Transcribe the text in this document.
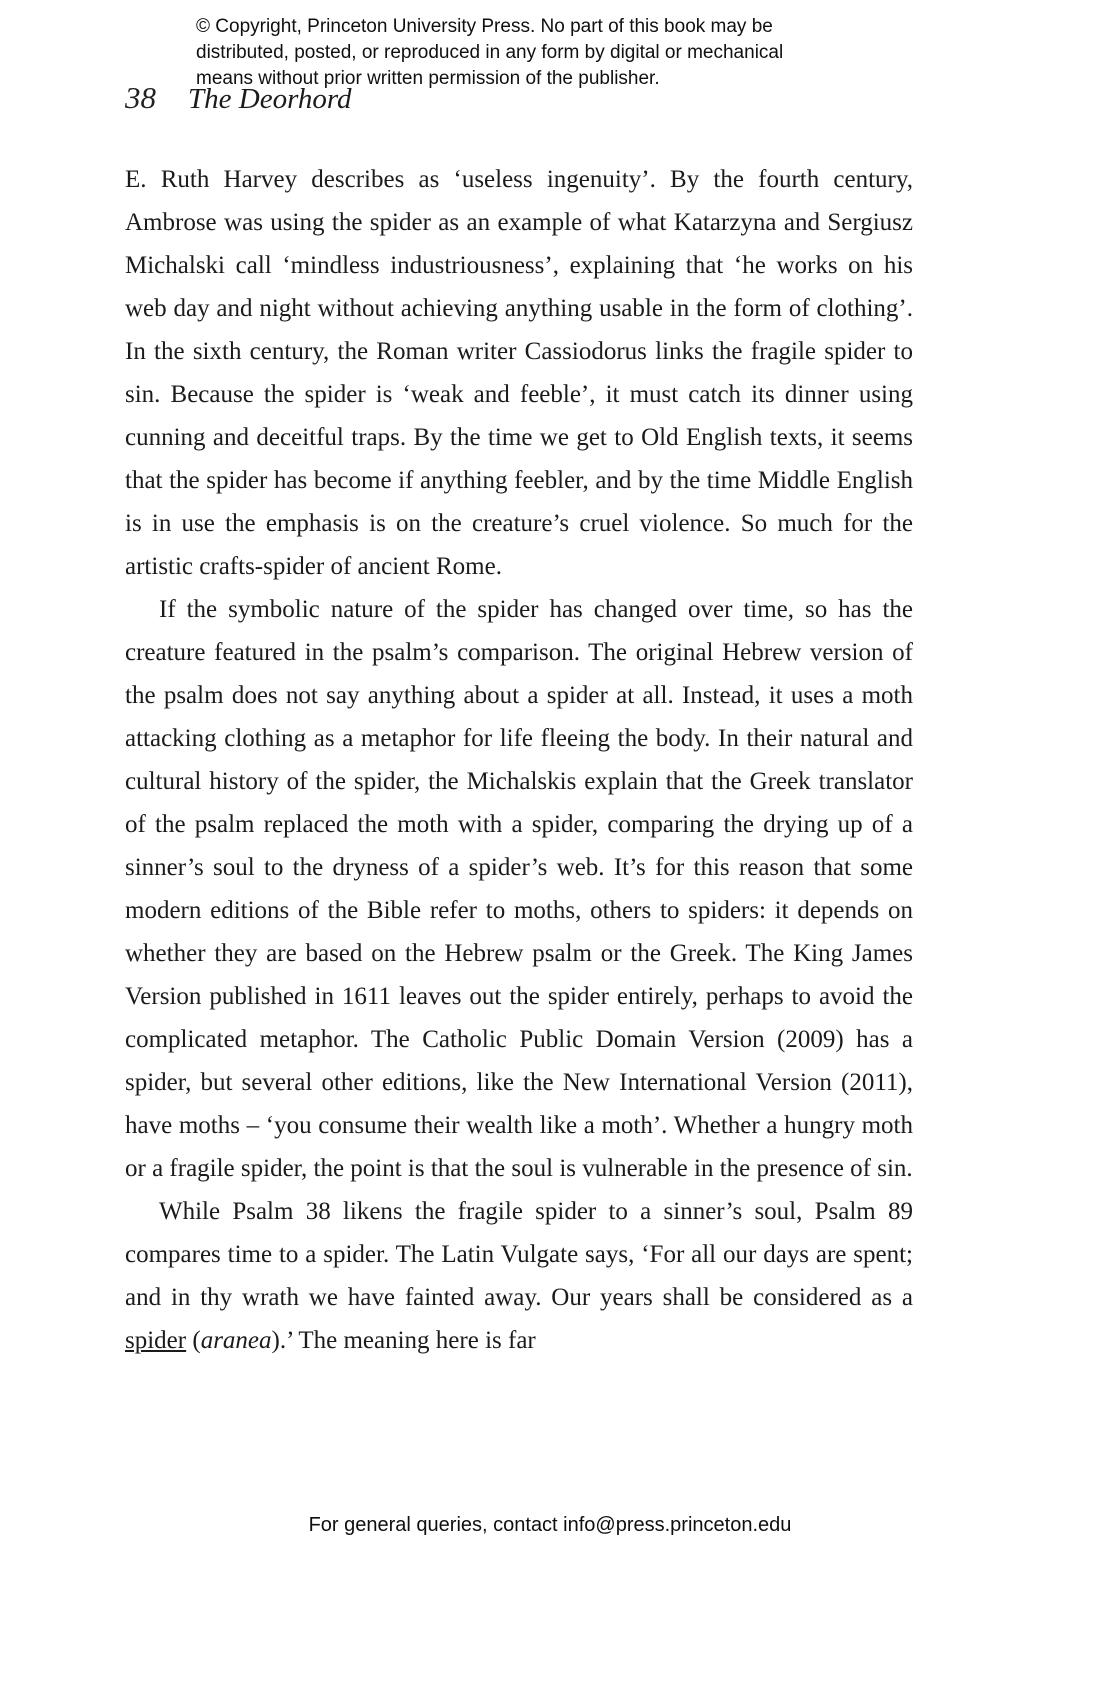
© Copyright, Princeton University Press. No part of this book may be
distributed, posted, or reproduced in any form by digital or mechanical
means without prior written permission of the publisher.
38 The Deorhord

E. Ruth Harvey describes as ‘useless ingenuity’. By the fourth century, Ambrose was using the spider as an example of what Katarzyna and Sergiusz Michalski call ‘mindless industriousness’, explaining that ‘he works on his web day and night without achieving anything usable in the form of clothing’. In the sixth century, the Roman writer Cassiodorus links the fragile spider to sin. Because the spider is ‘weak and feeble’, it must catch its dinner using cunning and deceitful traps. By the time we get to Old English texts, it seems that the spider has become if anything feebler, and by the time Middle English is in use the emphasis is on the creature’s cruel violence. So much for the artistic crafts-spider of ancient Rome.

If the symbolic nature of the spider has changed over time, so has the creature featured in the psalm’s comparison. The original Hebrew version of the psalm does not say anything about a spider at all. Instead, it uses a moth attacking clothing as a metaphor for life fleeing the body. In their natural and cultural history of the spider, the Michalskis explain that the Greek translator of the psalm replaced the moth with a spider, comparing the drying up of a sinner’s soul to the dryness of a spider’s web. It’s for this reason that some modern editions of the Bible refer to moths, others to spiders: it depends on whether they are based on the Hebrew psalm or the Greek. The King James Version published in 1611 leaves out the spider entirely, perhaps to avoid the complicated metaphor. The Catholic Public Domain Version (2009) has a spider, but several other editions, like the New International Version (2011), have moths – ‘you consume their wealth like a moth’. Whether a hungry moth or a fragile spider, the point is that the soul is vulnerable in the presence of sin.

While Psalm 38 likens the fragile spider to a sinner’s soul, Psalm 89 compares time to a spider. The Latin Vulgate says, ‘For all our days are spent; and in thy wrath we have fainted away. Our years shall be considered as a spider (aranea).’ The meaning here is far

For general queries, contact info@press.princeton.edu
